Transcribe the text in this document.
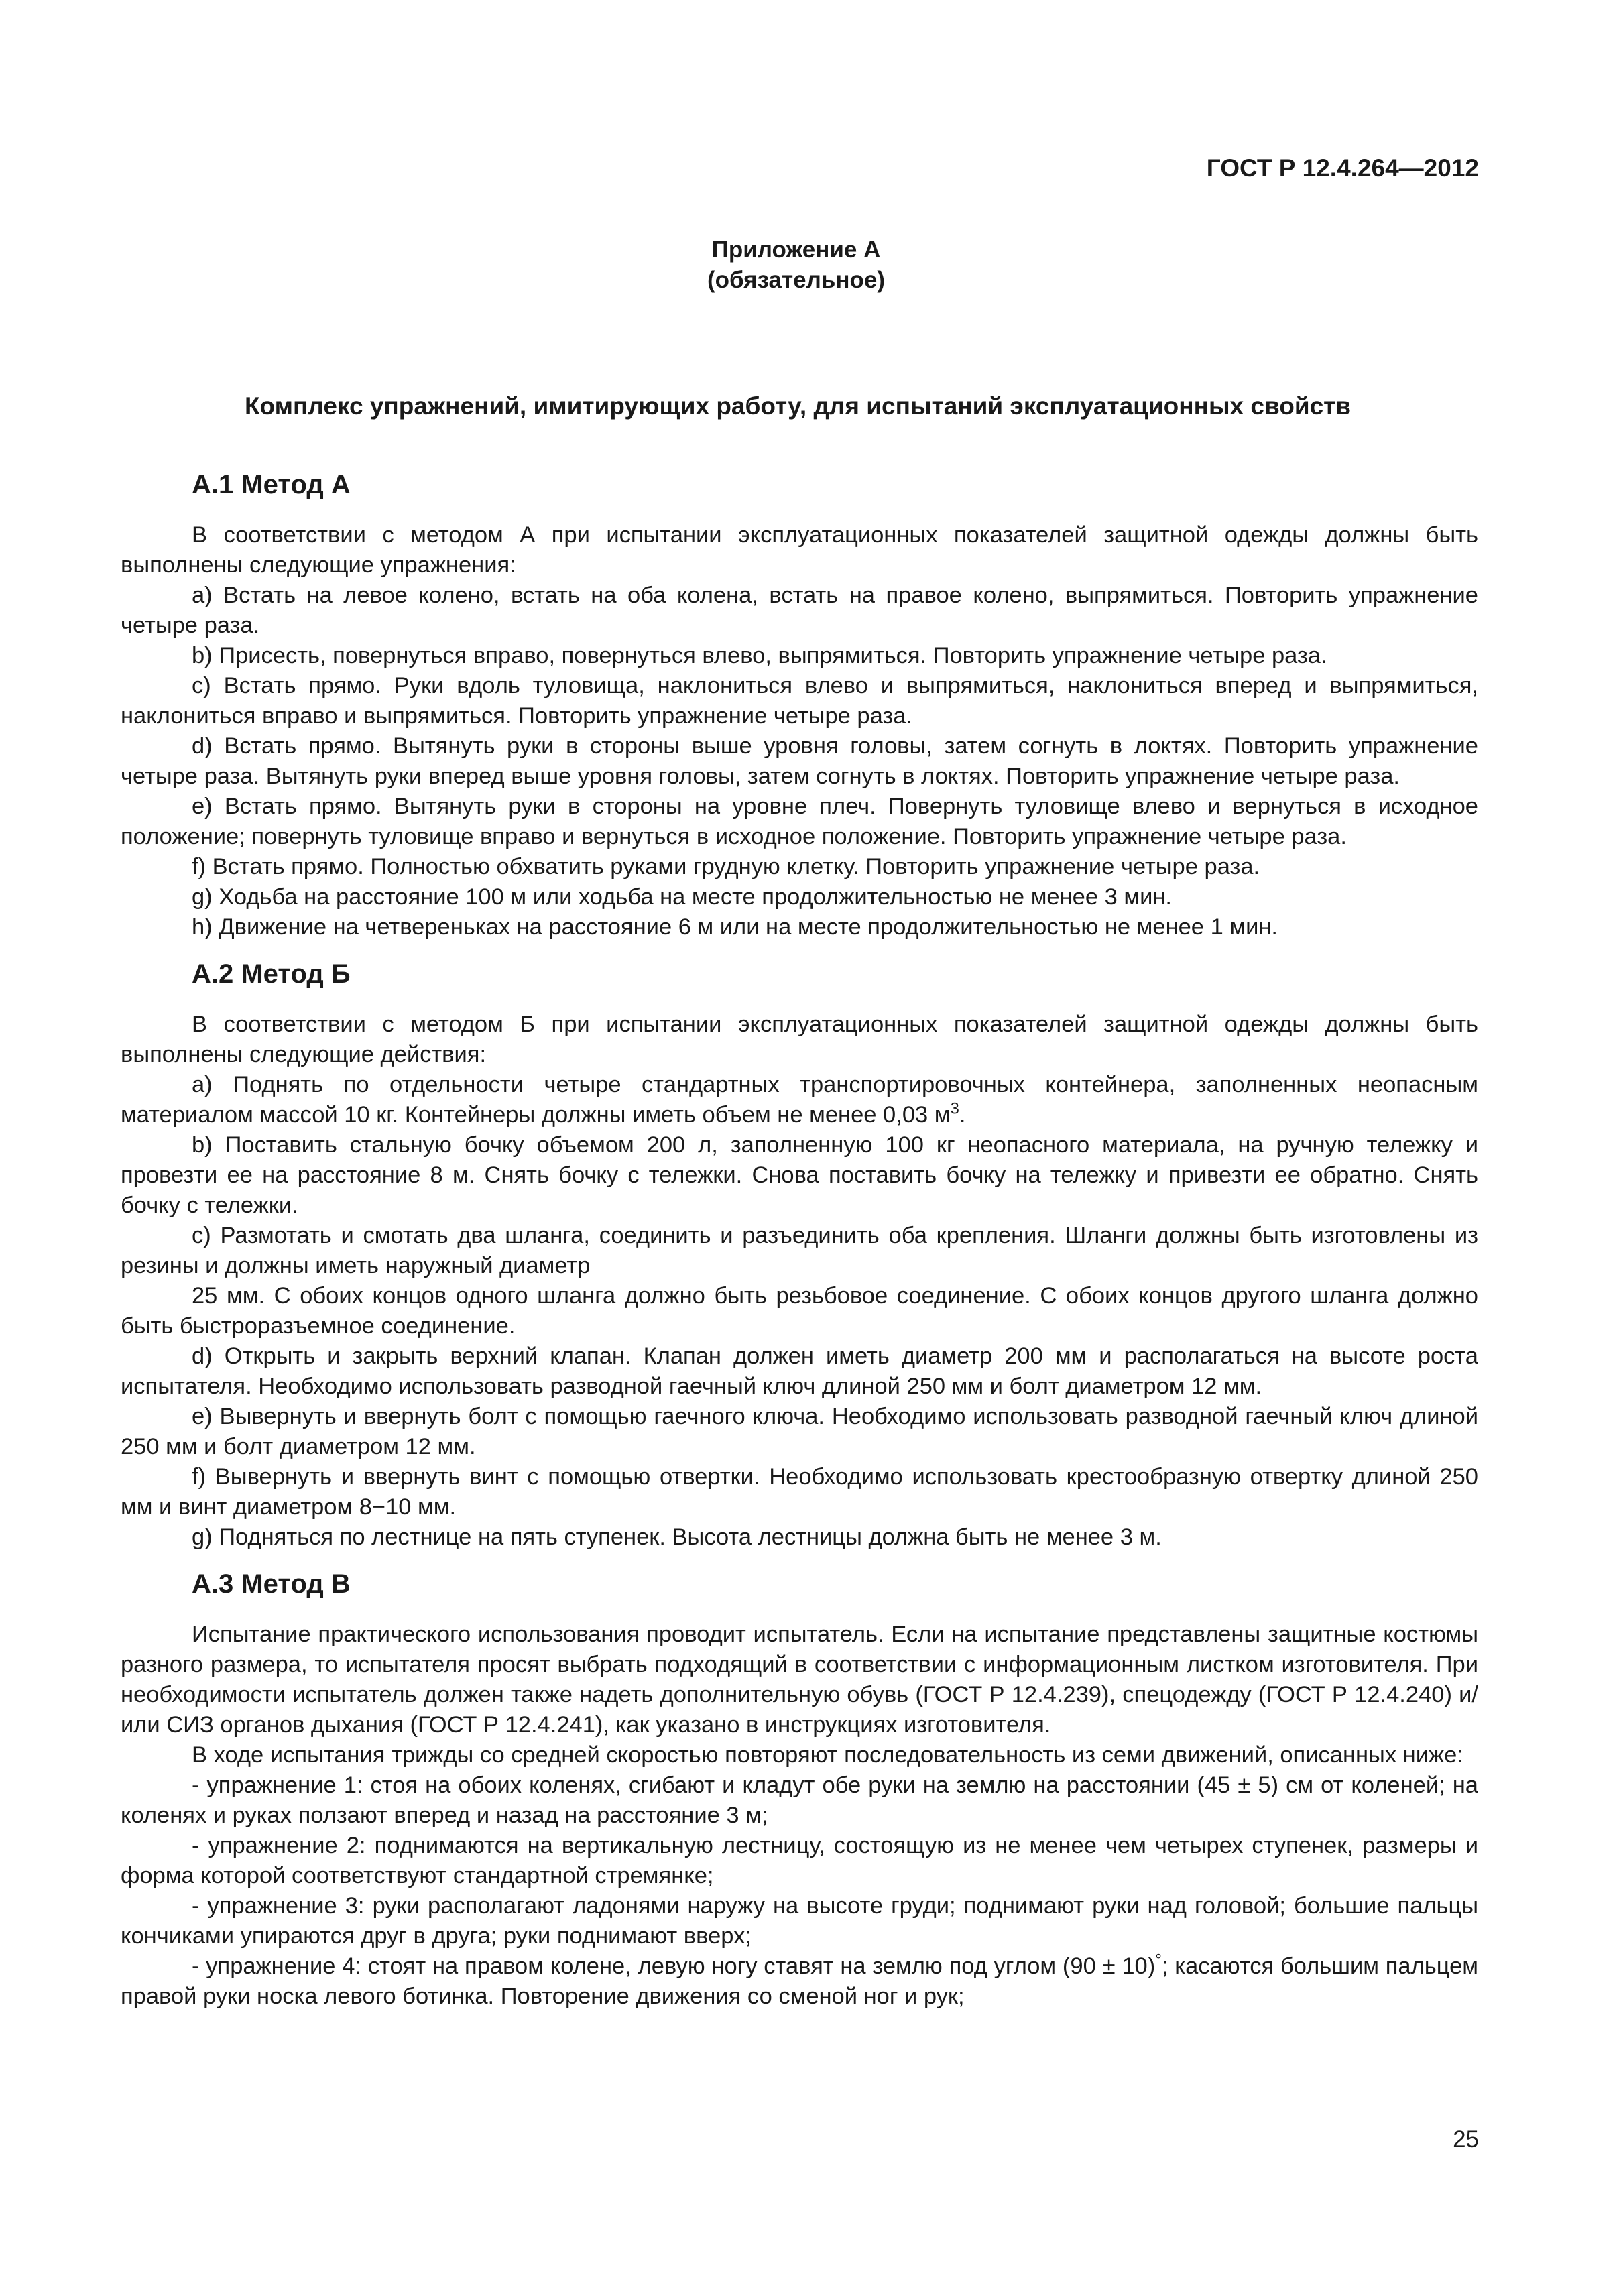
ГОСТ Р 12.4.264—2012
Приложение А
(обязательное)
Комплекс упражнений, имитирующих работу, для испытаний эксплуатационных свойств
А.1 Метод А

В соответствии с методом А при испытании эксплуатационных показателей защитной одежды должны быть выполнены следующие упражнения:

a) Встать на левое колено, встать на оба колена, встать на правое колено, выпрямиться. Повторить упражнение четыре раза.

b) Присесть, повернуться вправо, повернуться влево, выпрямиться. Повторить упражнение четыре раза.

c) Встать прямо. Руки вдоль туловища, наклониться влево и выпрямиться, наклониться вперед и выпрямиться, наклониться вправо и выпрямиться. Повторить упражнение четыре раза.

d) Встать прямо. Вытянуть руки в стороны выше уровня головы, затем согнуть в локтях. Повторить упражнение четыре раза. Вытянуть руки вперед выше уровня головы, затем согнуть в локтях. Повторить упражнение четыре раза.

e) Встать прямо. Вытянуть руки в стороны на уровне плеч. Повернуть туловище влево и вернуться в исходное положение; повернуть туловище вправо и вернуться в исходное положение. Повторить упражнение четыре раза.

f) Встать прямо. Полностью обхватить руками грудную клетку. Повторить упражнение четыре раза.

g) Ходьба на расстояние 100 м или ходьба на месте продолжительностью не менее 3 мин.

h) Движение на четвереньках на расстояние 6 м или на месте продолжительностью не менее 1 мин.

А.2 Метод Б

В соответствии с методом Б при испытании эксплуатационных показателей защитной одежды должны быть выполнены следующие действия:

a) Поднять по отдельности четыре стандартных транспортировочных контейнера, заполненных неопасным материалом массой 10 кг. Контейнеры должны иметь объем не менее 0,03 $м^3$.

b) Поставить стальную бочку объемом 200 л, заполненную 100 кг неопасного материала, на ручную тележку и провезти ее на расстояние 8 м. Снять бочку с тележки. Снова поставить бочку на тележку и привезти ее обратно. Снять бочку с тележки.

c) Размотать и смотать два шланга, соединить и разъединить оба крепления. Шланги должны быть изготовлены из резины и должны иметь наружный диаметр

25 мм. С обоих концов одного шланга должно быть резьбовое соединение. С обоих концов другого шланга должно быть быстроразъемное соединение.

d) Открыть и закрыть верхний клапан. Клапан должен иметь диаметр 200 мм и располагаться на высоте роста испытателя. Необходимо использовать разводной гаечный ключ длиной 250 мм и болт диаметром 12 мм.

e) Вывернуть и ввернуть болт с помощью гаечного ключа. Необходимо использовать разводной гаечный ключ длиной 250 мм и болт диаметром 12 мм.

f) Вывернуть и ввернуть винт с помощью отвертки. Необходимо использовать крестообразную отвертку длиной 250 мм и винт диаметром 8−10 мм.

g) Подняться по лестнице на пять ступенек. Высота лестницы должна быть не менее 3 м.

А.3 Метод В

Испытание практического использования проводит испытатель. Если на испытание представлены защитные костюмы разного размера, то испытателя просят выбрать подходящий в соответствии с информационным листком изготовителя. При необходимости испытатель должен также надеть дополнительную обувь (ГОСТ Р 12.4.239), спецодежду (ГОСТ Р 12.4.240) и/или СИЗ органов дыхания (ГОСТ Р 12.4.241), как указано в инструкциях изготовителя.

В ходе испытания трижды со средней скоростью повторяют последовательность из семи движений, описанных ниже:

- упражнение 1: стоя на обоих коленях, сгибают и кладут обе руки на землю на расстоянии (45 ± 5) см от коленей; на коленях и руках ползают вперед и назад на расстояние 3 м;

- упражнение 2: поднимаются на вертикальную лестницу, состоящую из не менее чем четырех ступенек, размеры и форма которой соответствуют стандартной стремянке;

- упражнение 3: руки располагают ладонями наружу на высоте груди; поднимают руки над головой; большие пальцы кончиками упираются друг в друга; руки поднимают вверх;

- упражнение 4: стоят на правом колене, левую ногу ставят на землю под углом (90 ± 10)°; касаются большим пальцем правой руки носка левого ботинка. Повторение движения со сменой ног и рук;

25
